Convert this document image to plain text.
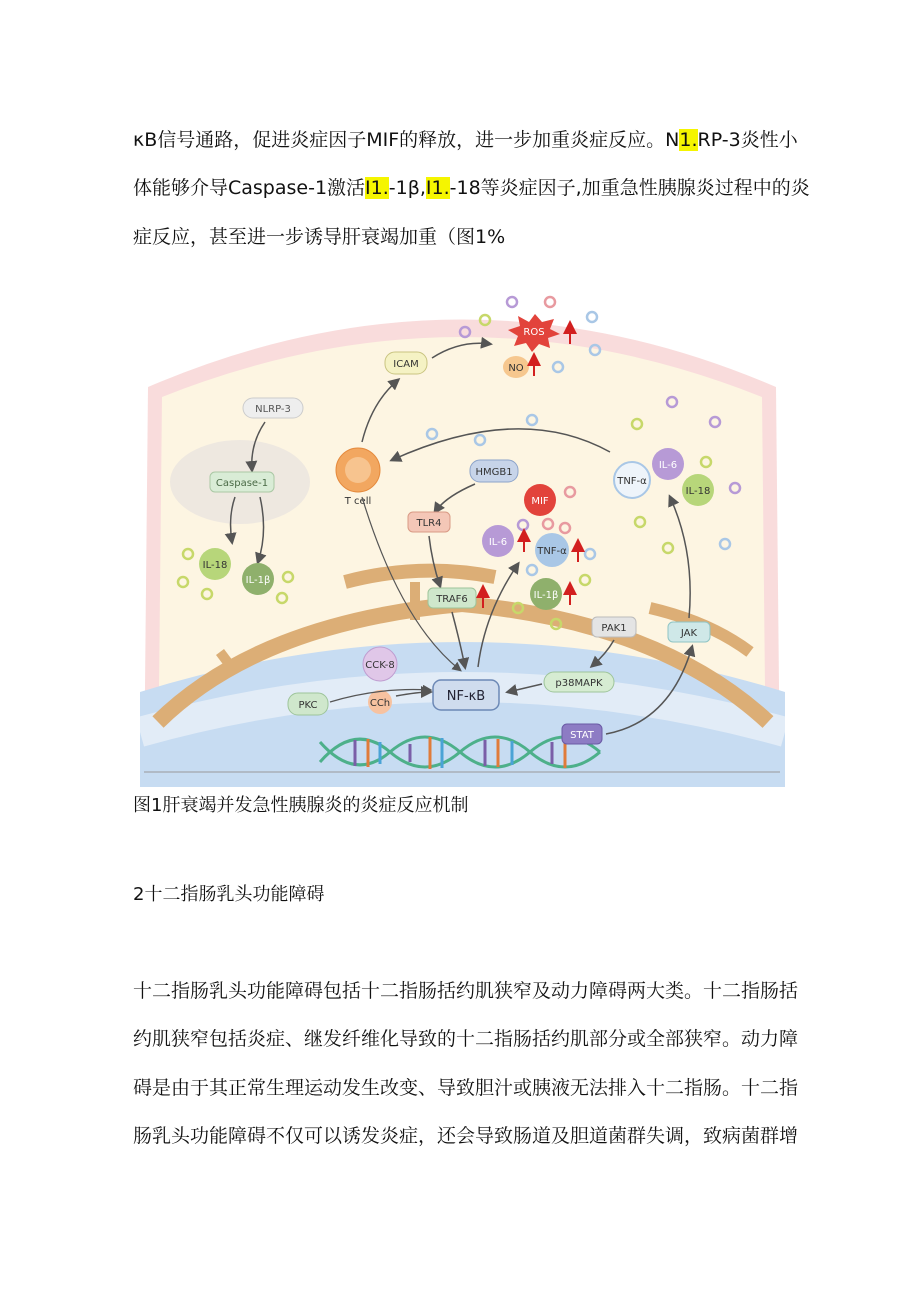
κB信号通路，促进炎症因子MIF的释放，进一步加重炎症反应。N1.RP-3炎性小
体能够介导Caspase-1激活I1.-1β,I1.-18等炎症因子,加重急性胰腺炎过程中的炎
症反应，甚至进一步诱导肝衰竭加重（图1%
ROS
NO
ICAM
NLRP-3
Caspase-1
IL-18
IL-1β
T cell
HMGB1
TLR4
TRAF6
MIF
IL-6
TNF-α
IL-1β
TNF-α
IL-6
IL-18
PAK1	JAK
p38MAPK
CCK-8
CCh	NF-κB
PKC
STAT
图1肝衰竭并发急性胰腺炎的炎症反应机制
2十二指肠乳头功能障碍
十二指肠乳头功能障碍包括十二指肠括约肌狭窄及动力障碍两大类。十二指肠括
约肌狭窄包括炎症、继发纤维化导致的十二指肠括约肌部分或全部狭窄。动力障
碍是由于其正常生理运动发生改变、导致胆汁或胰液无法排入十二指肠。十二指
肠乳头功能障碍不仅可以诱发炎症，还会导致肠道及胆道菌群失调，致病菌群增
